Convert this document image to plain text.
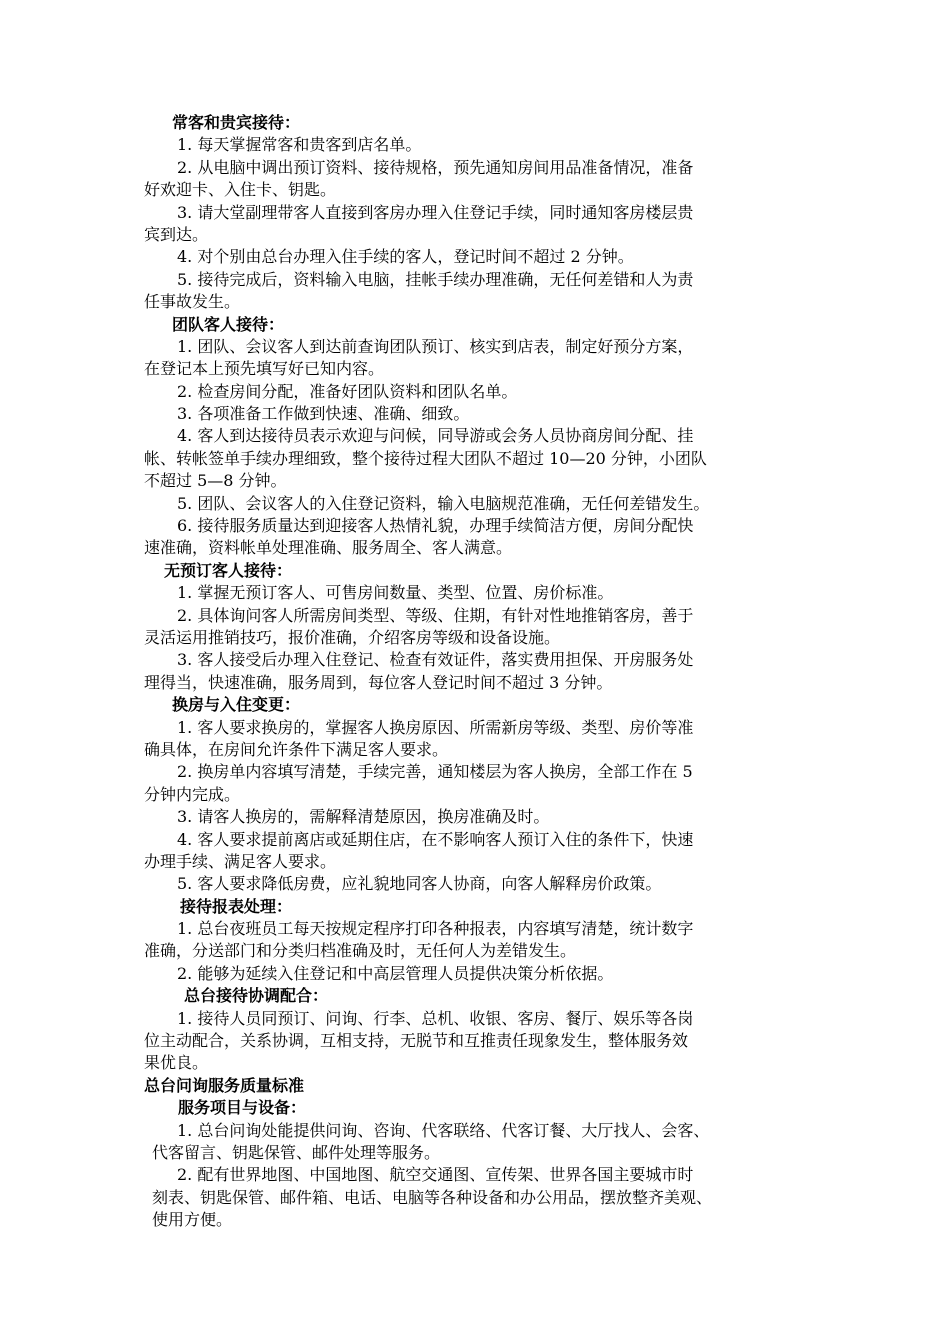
常客和贵宾接待：
1. 每天掌握常客和贵客到店名单。
2. 从电脑中调出预订资料、接待规格，预先通知房间用品准备情况，准备
好欢迎卡、入住卡、钥匙。
3. 请大堂副理带客人直接到客房办理入住登记手续，同时通知客房楼层贵
宾到达。
4. 对个别由总台办理入住手续的客人，登记时间不超过 2 分钟。
5. 接待完成后，资料输入电脑，挂帐手续办理准确，无任何差错和人为责
任事故发生。
团队客人接待：
1. 团队、会议客人到达前查询团队预订、核实到店表，制定好预分方案，
在登记本上预先填写好已知内容。
2. 检查房间分配，准备好团队资料和团队名单。
3. 各项准备工作做到快速、准确、细致。
4. 客人到达接待员表示欢迎与问候，同导游或会务人员协商房间分配、挂
帐、转帐签单手续办理细致，整个接待过程大团队不超过 10—20 分钟，小团队
不超过 5—8 分钟。
5. 团队、会议客人的入住登记资料，输入电脑规范准确，无任何差错发生。
6. 接待服务质量达到迎接客人热情礼貌，办理手续简洁方便，房间分配快
速准确，资料帐单处理准确、服务周全、客人满意。
无预订客人接待：
1. 掌握无预订客人、可售房间数量、类型、位置、房价标准。
2. 具体询问客人所需房间类型、等级、住期，有针对性地推销客房，善于
灵活运用推销技巧，报价准确，介绍客房等级和设备设施。
3. 客人接受后办理入住登记、检查有效证件，落实费用担保、开房服务处
理得当，快速准确，服务周到，每位客人登记时间不超过 3 分钟。
换房与入住变更：
1. 客人要求换房的，掌握客人换房原因、所需新房等级、类型、房价等准
确具体，在房间允许条件下满足客人要求。
2. 换房单内容填写清楚，手续完善，通知楼层为客人换房，全部工作在 5
分钟内完成。
3. 请客人换房的，需解释清楚原因，换房准确及时。
4. 客人要求提前离店或延期住店，在不影响客人预订入住的条件下，快速
办理手续、满足客人要求。
5. 客人要求降低房费，应礼貌地同客人协商，向客人解释房价政策。
接待报表处理：
1. 总台夜班员工每天按规定程序打印各种报表，内容填写清楚，统计数字
准确，分送部门和分类归档准确及时，无任何人为差错发生。
2. 能够为延续入住登记和中高层管理人员提供决策分析依据。
总台接待协调配合：
1. 接待人员同预订、问询、行李、总机、收银、客房、餐厅、娱乐等各岗
位主动配合，关系协调，互相支持，无脱节和互推责任现象发生，整体服务效
果优良。
总台问询服务质量标准
服务项目与设备：
1. 总台问询处能提供问询、咨询、代客联络、代客订餐、大厅找人、会客、
代客留言、钥匙保管、邮件处理等服务。
2. 配有世界地图、中国地图、航空交通图、宣传架、世界各国主要城市时
刻表、钥匙保管、邮件箱、电话、电脑等各种设备和办公用品，摆放整齐美观、
使用方便。
